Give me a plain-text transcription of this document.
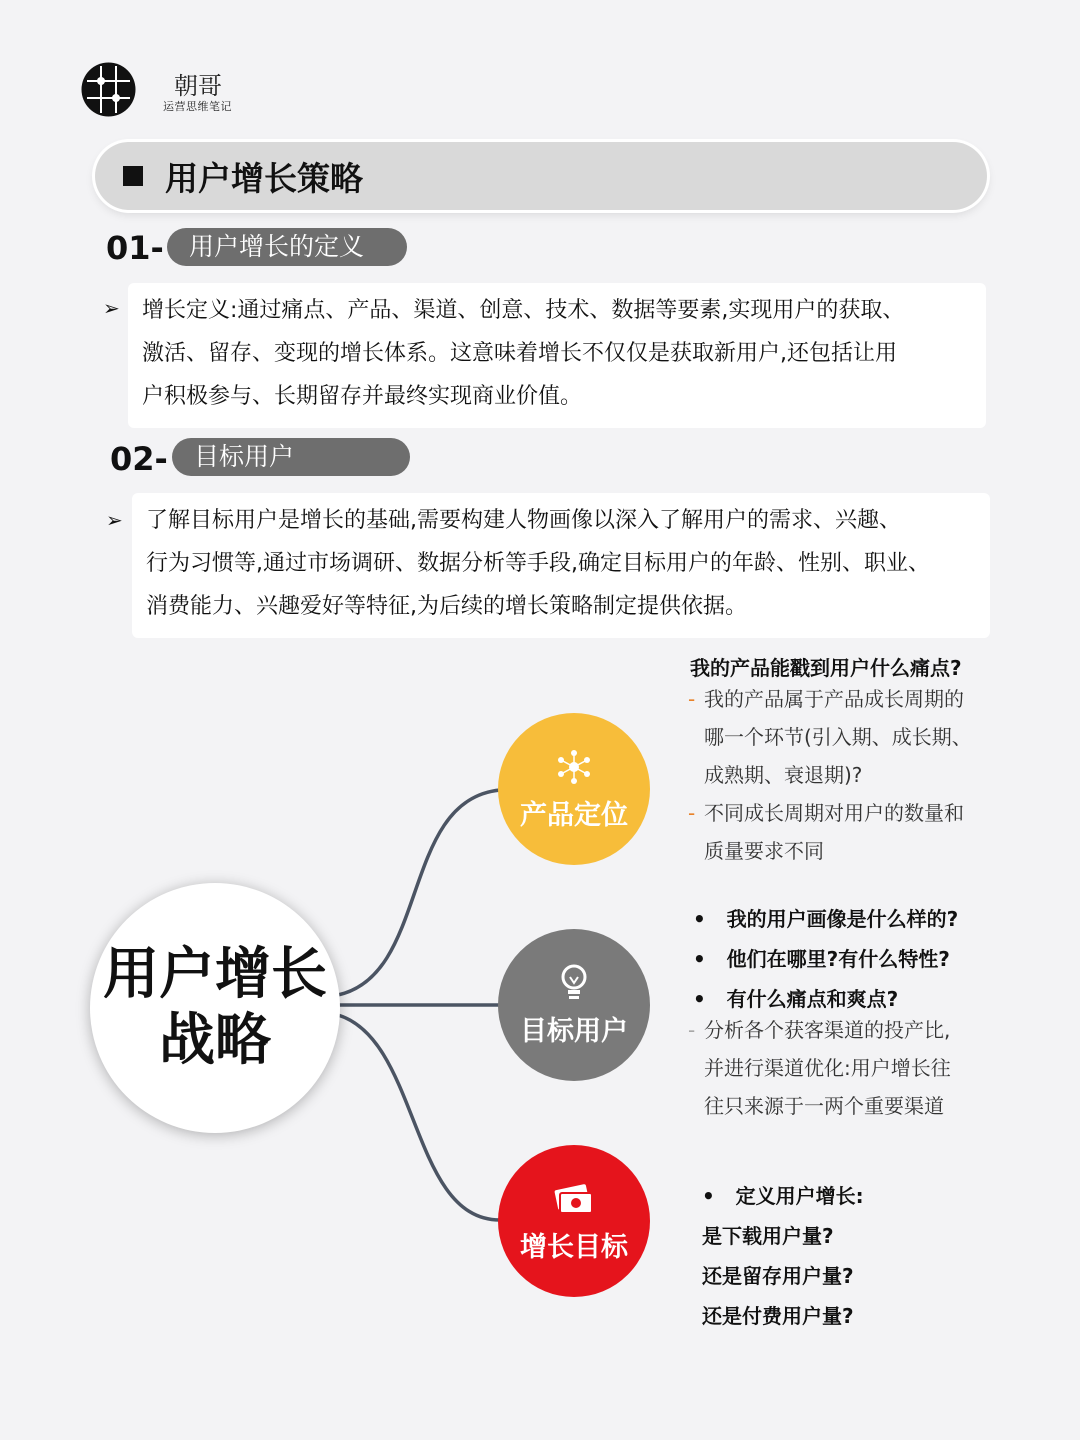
朝哥
运营思维笔记
用户增长策略
01-	用户增长的定义
➢ 增长定义:通过痛点、产品、渠道、创意、技术、数据等要素,实现用户的获取、
激活、留存、变现的增长体系。这意味着增长不仅仅是获取新用户,还包括让用
户积极参与、长期留存并最终实现商业价值。
02-	目标用户
➢ 了解目标用户是增长的基础,需要构建人物画像以深入了解用户的需求、兴趣、
行为习惯等,通过市场调研、数据分析等手段,确定目标用户的年龄、性别、职业、
消费能力、兴趣爱好等特征,为后续的增长策略制定提供依据。
用户增长
战略
产品定位
目标用户
增长目标
我的产品能戳到用户什么痛点?
- 我的产品属于产品成长周期的
哪一个环节(引入期、成长期、
成熟期、衰退期)?
- 不同成长周期对用户的数量和
质量要求不同
•   我的用户画像是什么样的?
•   他们在哪里?有什么特性?
•   有什么痛点和爽点?
- 分析各个获客渠道的投产比,
并进行渠道优化:用户增长往
往只来源于一两个重要渠道
•   定义用户增长:
是下载用户量?
还是留存用户量?
还是付费用户量?
